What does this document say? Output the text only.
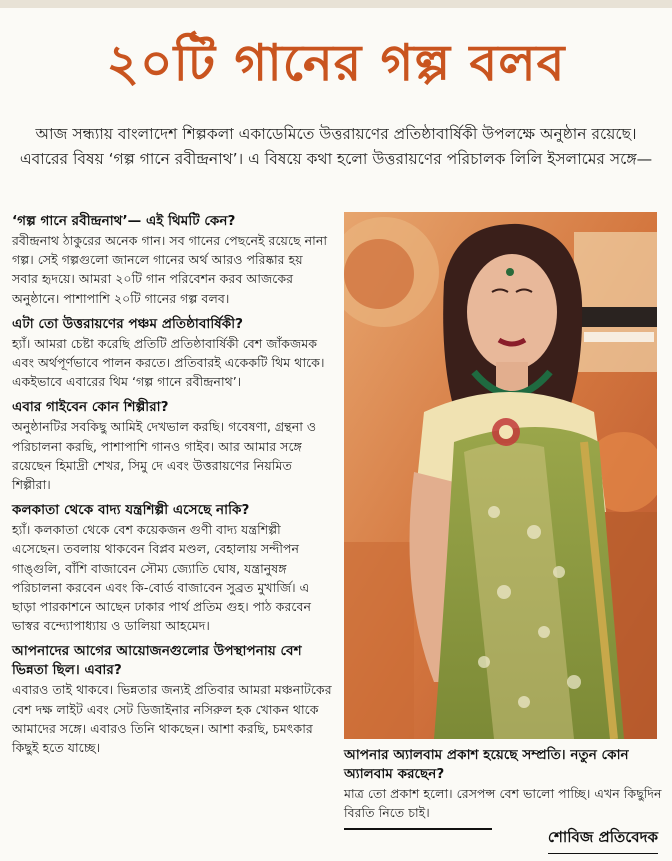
২০টি গানের গল্প বলব
আজ সন্ধ্যায় বাংলাদেশ শিল্পকলা একাডেমিতে উত্তরায়ণের প্রতিষ্ঠাবার্ষিকী উপলক্ষে অনুষ্ঠান রয়েছে। এবারের বিষয় ‘গল্প গানে রবীন্দ্রনাথ’। এ বিষয়ে কথা হলো উত্তরায়ণের পরিচালক লিলি ইসলামের সঙ্গে—
‘গল্প গানে রবীন্দ্রনাথ’— এই থিমটি কেন?
রবীন্দ্রনাথ ঠাকুরের অনেক গান। সব গানের পেছনেই রয়েছে নানা গল্প। সেই গল্পগুলো জানলে গানের অর্থ আরও পরিষ্কার হয় সবার হৃদয়ে। আমরা ২০টি গান পরিবেশন করব আজকের অনুষ্ঠানে। পাশাপাশি ২০টি গানের গল্প বলব।
এটা তো উত্তরায়ণের পঞ্চম প্রতিষ্ঠাবার্ষিকী?
হ্যাঁ। আমরা চেষ্টা করেছি প্রতিটি প্রতিষ্ঠাবার্ষিকী বেশ জাঁকজমক এবং অর্থপূর্ণভাবে পালন করতে। প্রতিবারই একেকটি থিম থাকে। একইভাবে এবারের থিম ‘গল্প গানে রবীন্দ্রনাথ’।
এবার গাইবেন কোন শিল্পীরা?
অনুষ্ঠানটির সবকিছু আমিই দেখভাল করছি। গবেষণা, গ্রন্থনা ও পরিচালনা করছি, পাশাপাশি গানও গাইব। আর আমার সঙ্গে রয়েছেন হিমাদ্রী শেখর, সিমু দে এবং উত্তরায়ণের নিয়মিত শিল্পীরা।
কলকাতা থেকে বাদ্য যন্ত্রশিল্পী এসেছে নাকি?
হ্যাঁ। কলকাতা থেকে বেশ কয়েকজন গুণী বাদ্য যন্ত্রশিল্পী এসেছেন। তবলায় থাকবেন বিপ্লব মণ্ডল, বেহালায় সন্দীপন গাঙ্গুলি, বাঁশি বাজাবেন সৌম্য জ্যোতি ঘোষ, যন্ত্রানুষঙ্গ পরিচালনা করবেন এবং কি-বোর্ড বাজাবেন সুব্রত মুখার্জি। এ ছাড়া পারকাশনে আছেন ঢাকার পার্থ প্রতিম গুহ। পাঠ করবেন ভাস্বর বন্দ্যোপাধ্যায় ও ডালিয়া আহমেদ।
আপনাদের আগের আয়োজনগুলোর উপস্থাপনায় বেশ ভিন্নতা ছিল। এবার?
এবারও তাই থাকবে। ভিন্নতার জন্যই প্রতিবার আমরা মঞ্চনাটকের বেশ দক্ষ লাইট এবং সেট ডিজাইনার নসিরুল হক খোকন থাকে আমাদের সঙ্গে। এবারও তিনি থাকছেন। আশা করছি, চমৎকার কিছুই হতে যাচ্ছে।	আপনার অ্যালবাম প্রকাশ হয়েছে সম্প্রতি। নতুন কোন অ্যালবাম করছেন?
মাত্র তো প্রকাশ হলো। রেসপন্স বেশ ভালো পাচ্ছি। এখন কিছুদিন বিরতি নিতে চাই।
শোবিজ প্রতিবেদক
